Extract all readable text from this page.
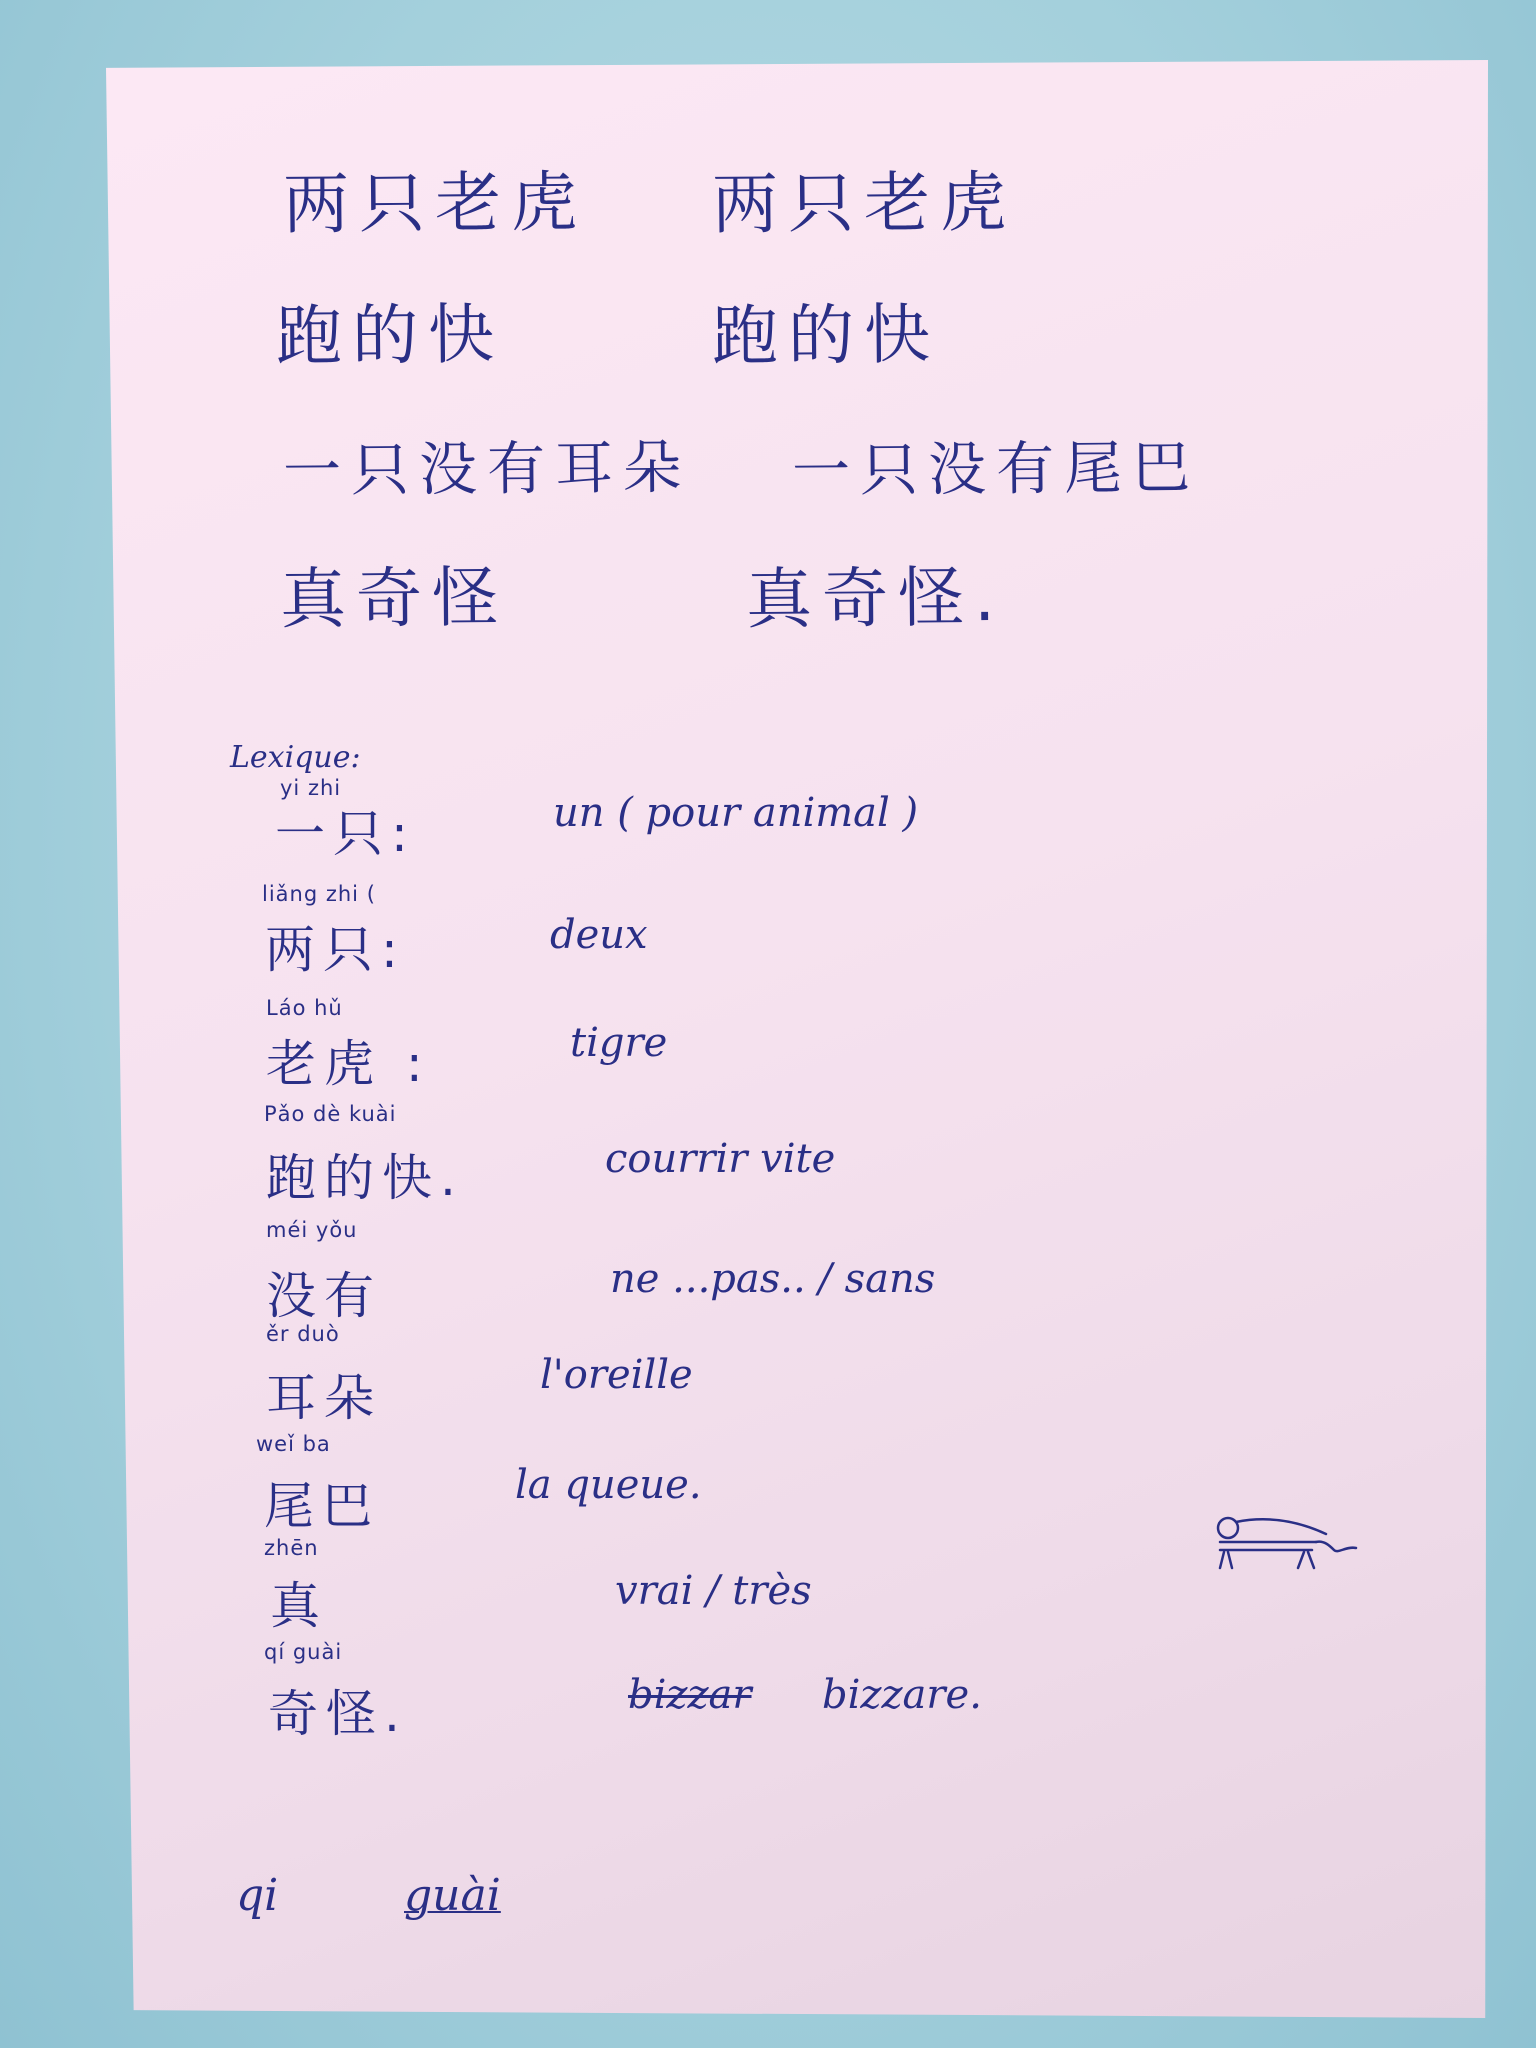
两只老虎 两只老虎
跑的快	跑的快
一只没有耳朵 一只没有尾巴
真奇怪	真奇怪.
Lexique:
yi zhi
一只:	un ( pour animal )
liǎng zhi (
两只:	deux
Láo hǔ
老虎 :	tigre
Pǎo dè kuài
跑的快.	courrir vite
méi yǒu
没有	ne ...pas.. / sans
ěr duò
耳朵	l'oreille
weǐ ba
尾巴	la queue.
zhēn
真	vrai / très
qí guài
奇怪.	bizzar bizzare.
qi	guài
